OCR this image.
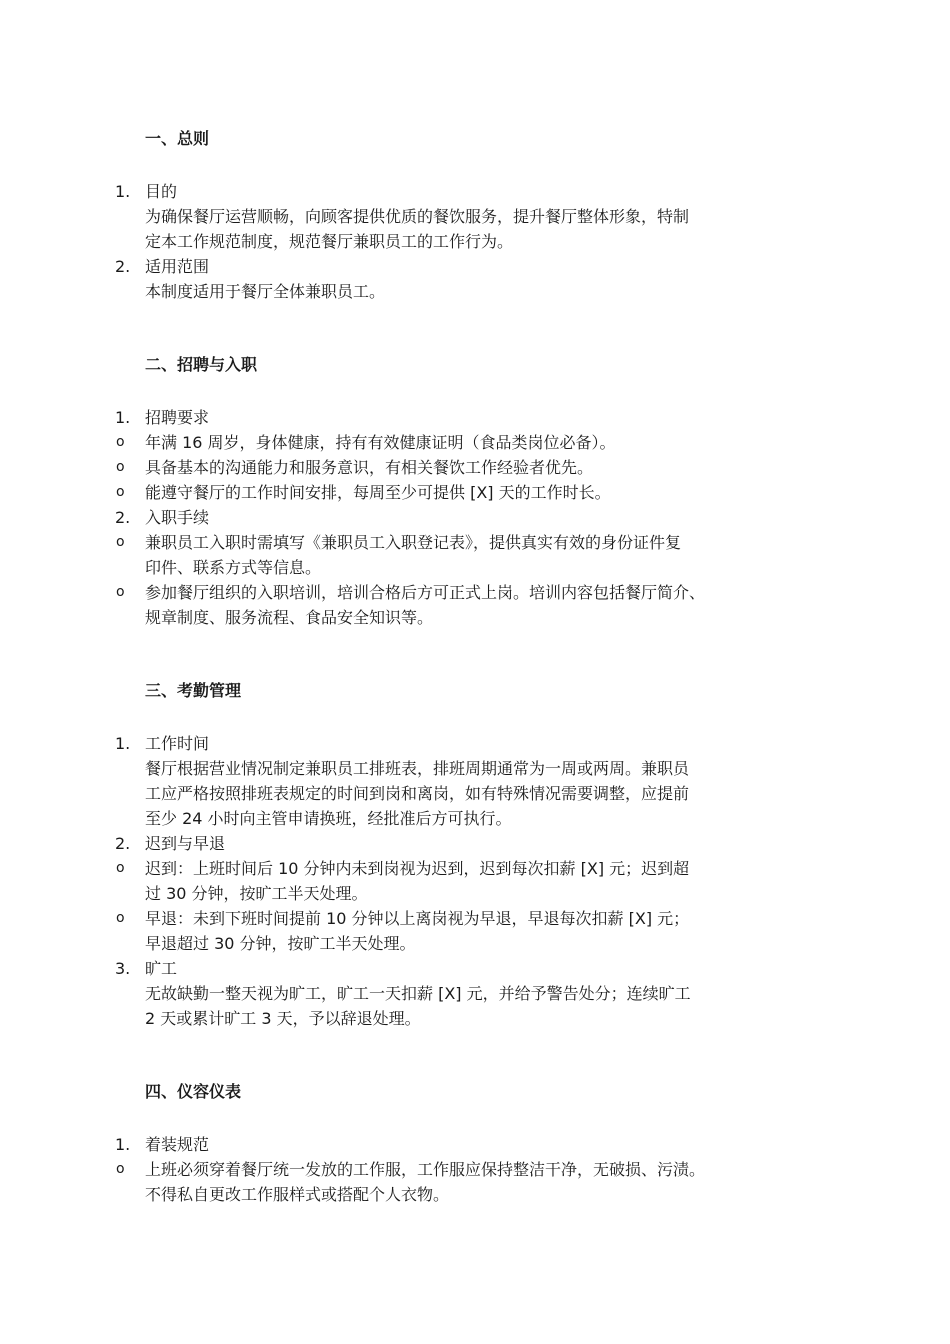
一、总则
1. 目的
为确保餐厅运营顺畅，向顾客提供优质的餐饮服务，提升餐厅整体形象，特制
定本工作规范制度，规范餐厅兼职员工的工作行为。
2. 适用范围
本制度适用于餐厅全体兼职员工。
二、招聘与入职
1. 招聘要求
o	年满 16 周岁，身体健康，持有有效健康证明（食品类岗位必备）。
o	具备基本的沟通能力和服务意识，有相关餐饮工作经验者优先。
o	能遵守餐厅的工作时间安排，每周至少可提供 [X] 天的工作时长。
2. 入职手续
o	兼职员工入职时需填写《兼职员工入职登记表》，提供真实有效的身份证件复
印件、联系方式等信息。
o	参加餐厅组织的入职培训，培训合格后方可正式上岗。培训内容包括餐厅简介、
规章制度、服务流程、食品安全知识等。
三、考勤管理
1. 工作时间
餐厅根据营业情况制定兼职员工排班表，排班周期通常为一周或两周。兼职员
工应严格按照排班表规定的时间到岗和离岗，如有特殊情况需要调整，应提前
至少 24 小时向主管申请换班，经批准后方可执行。
2. 迟到与早退
o	迟到：上班时间后 10 分钟内未到岗视为迟到，迟到每次扣薪 [X] 元；迟到超
过 30 分钟，按旷工半天处理。
o	早退：未到下班时间提前 10 分钟以上离岗视为早退，早退每次扣薪 [X] 元；
早退超过 30 分钟，按旷工半天处理。
3. 旷工
无故缺勤一整天视为旷工，旷工一天扣薪 [X] 元，并给予警告处分；连续旷工
2 天或累计旷工 3 天，予以辞退处理。
四、仪容仪表
1. 着装规范
o	上班必须穿着餐厅统一发放的工作服，工作服应保持整洁干净，无破损、污渍。
不得私自更改工作服样式或搭配个人衣物。
